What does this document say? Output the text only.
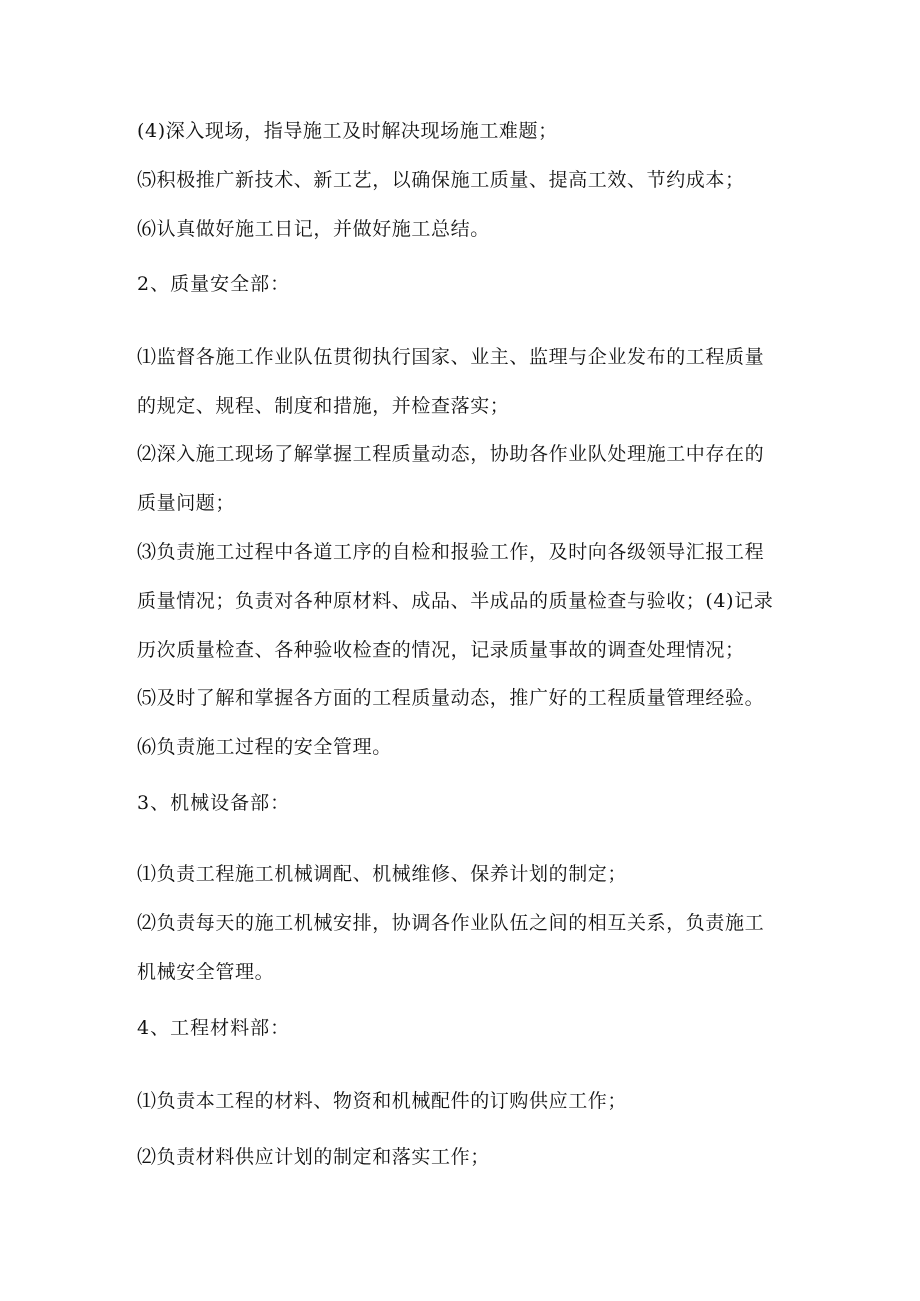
(4)深入现场，指导施工及时解决现场施工难题；
⑸积极推广新技术、新工艺，以确保施工质量、提高工效、节约成本；
⑹认真做好施工日记，并做好施工总结。
2、质量安全部：
⑴监督各施工作业队伍贯彻执行国家、业主、监理与企业发布的工程质量
的规定、规程、制度和措施，并检查落实；
⑵深入施工现场了解掌握工程质量动态，协助各作业队处理施工中存在的
质量问题；
⑶负责施工过程中各道工序的自检和报验工作，及时向各级领导汇报工程
质量情况；负责对各种原材料、成品、半成品的质量检查与验收；(4)记录
历次质量检查、各种验收检查的情况，记录质量事故的调查处理情况；
⑸及时了解和掌握各方面的工程质量动态，推广好的工程质量管理经验。
⑹负责施工过程的安全管理。
3、机械设备部：
⑴负责工程施工机械调配、机械维修、保养计划的制定；
⑵负责每天的施工机械安排，协调各作业队伍之间的相互关系，负责施工
机械安全管理。
4、工程材料部：
⑴负责本工程的材料、物资和机械配件的订购供应工作；
⑵负责材料供应计划的制定和落实工作；
